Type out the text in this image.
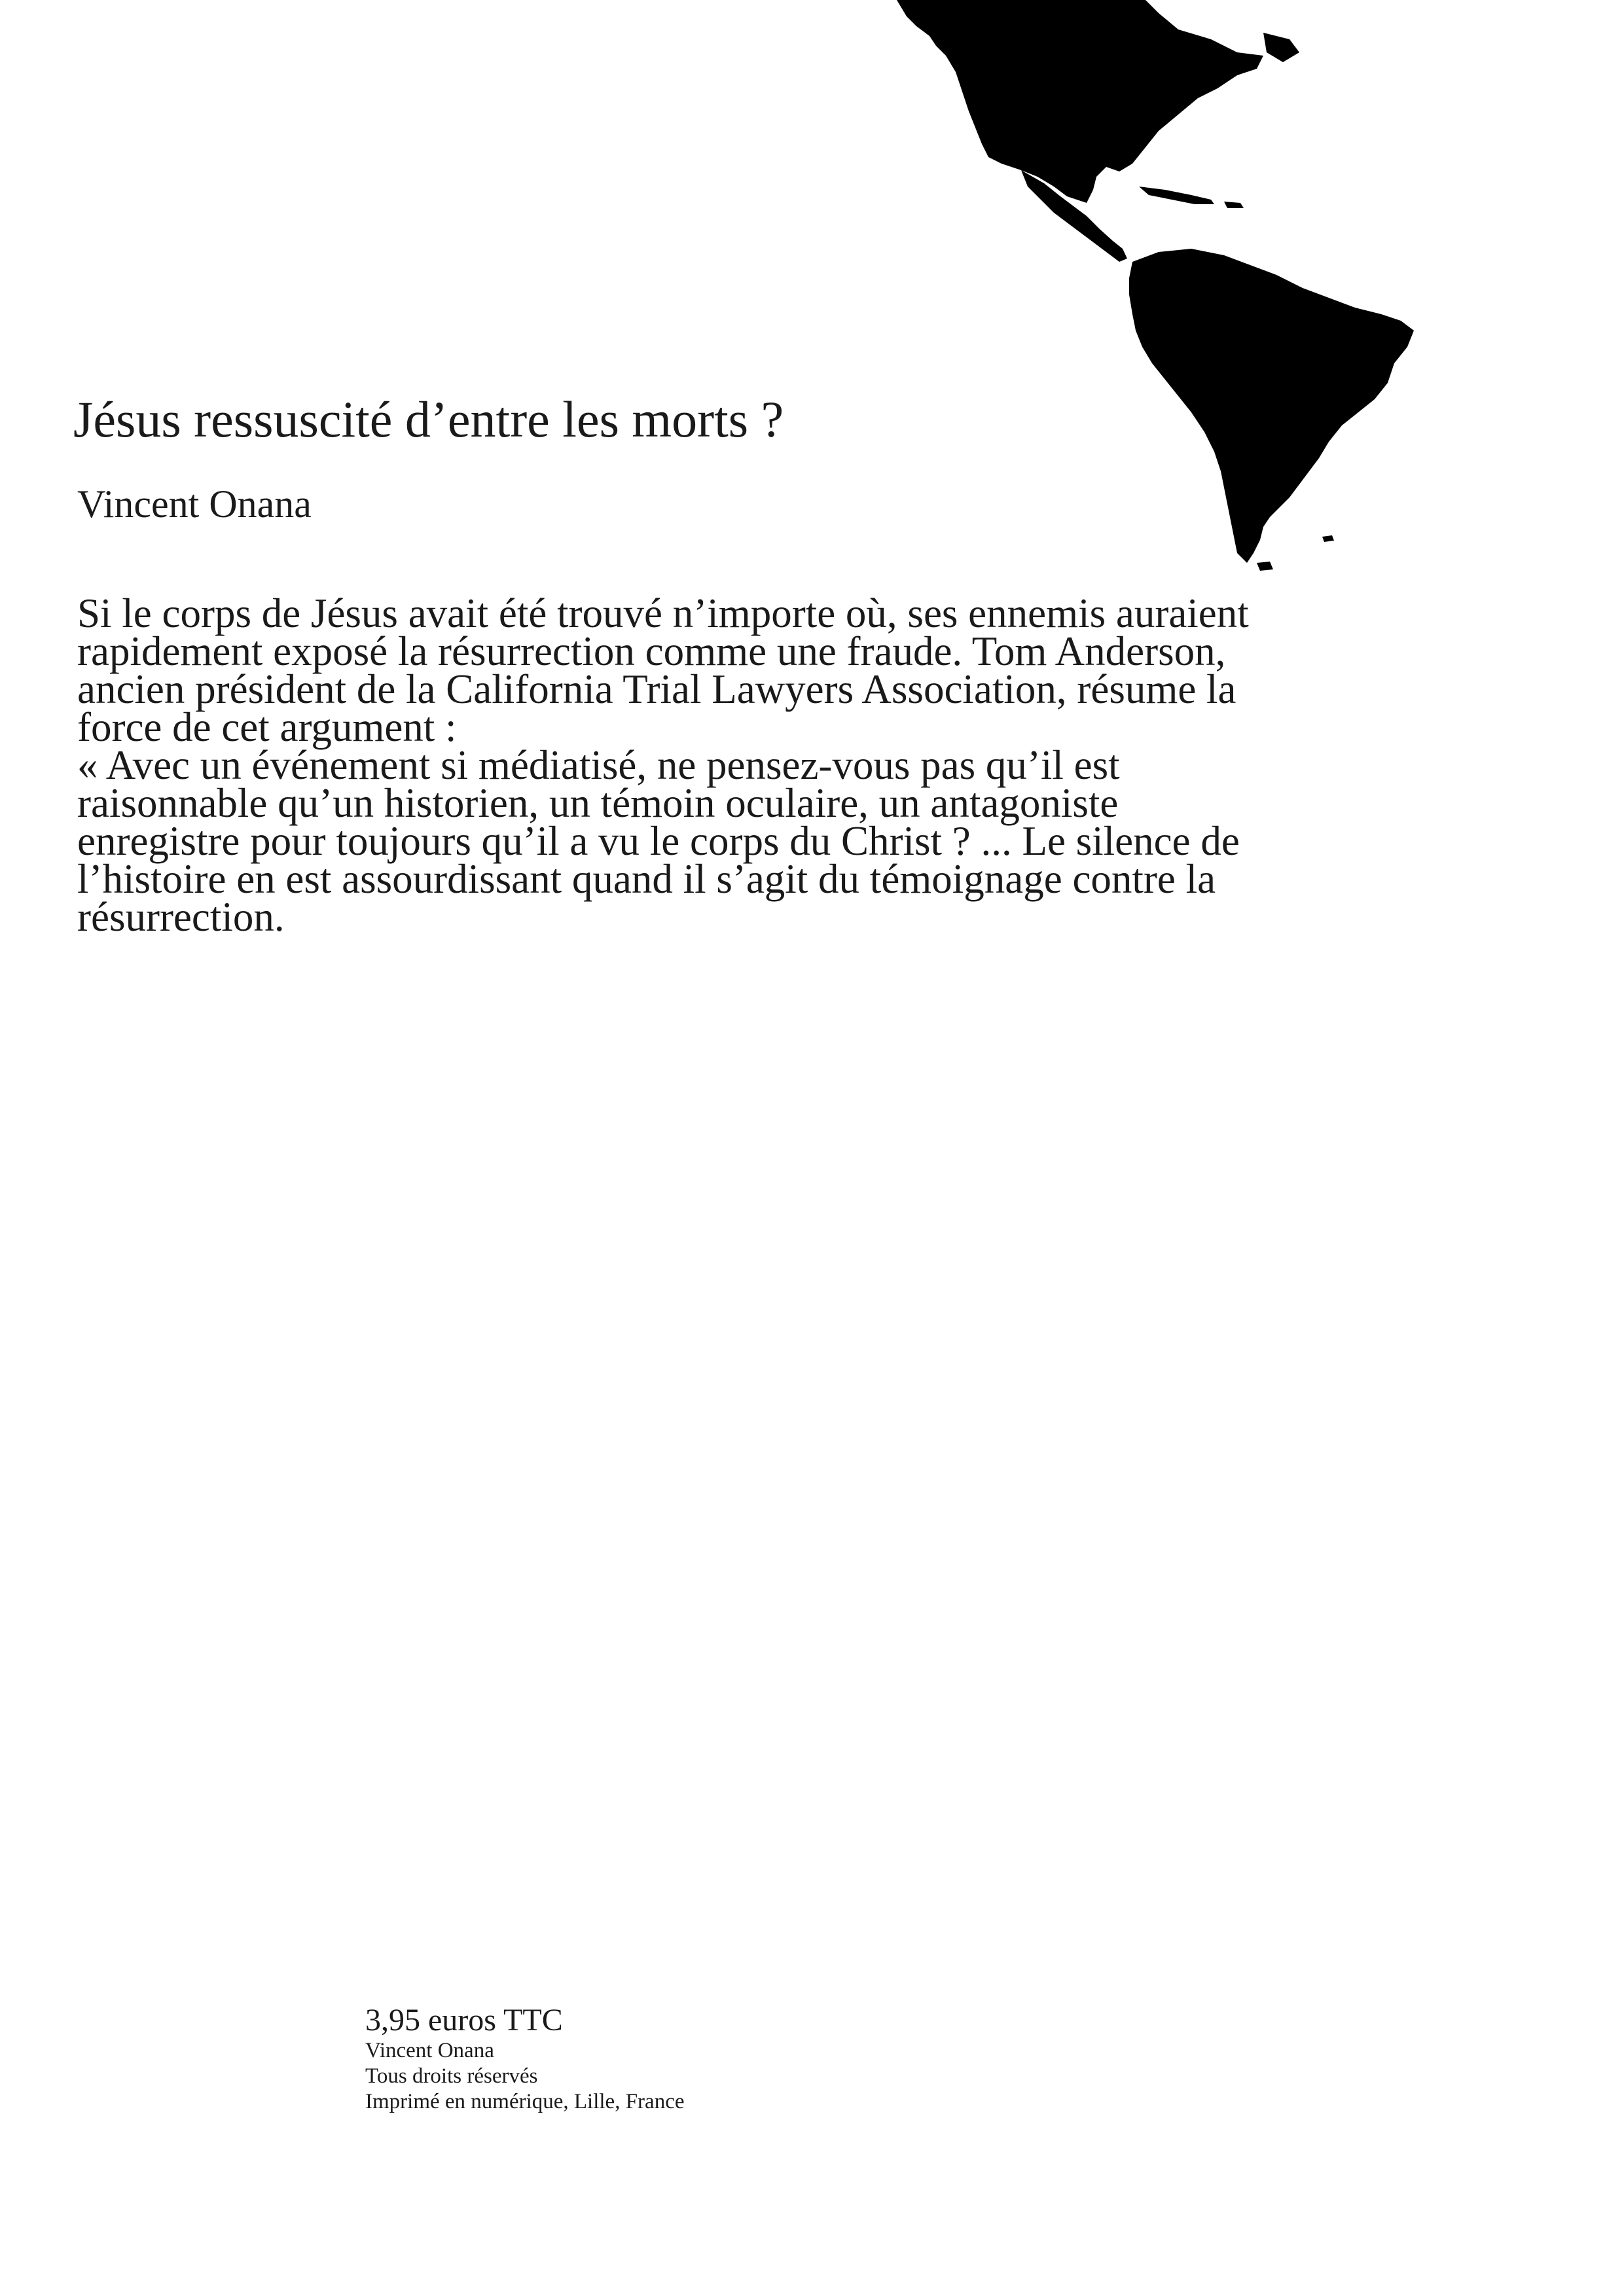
Jésus ressuscité d’entre les morts ?
Vincent Onana

Si le corps de Jésus avait été trouvé n’importe où, ses ennemis auraient rapidement exposé la résurrection comme une fraude. Tom Anderson, ancien président de la California Trial Lawyers Association, résume la force de cet argument :

« Avec un événement si médiatisé, ne pensez-vous pas qu’il est raisonnable qu’un historien, un témoin oculaire, un antagoniste enregistre pour toujours qu’il a vu le corps du Christ ? ... Le silence de l’histoire en est assourdissant quand il s’agit du témoignage contre la résurrection.

3,95 euros TTC
Vincent Onana
Tous droits réservés
Imprimé en numérique, Lille, France
